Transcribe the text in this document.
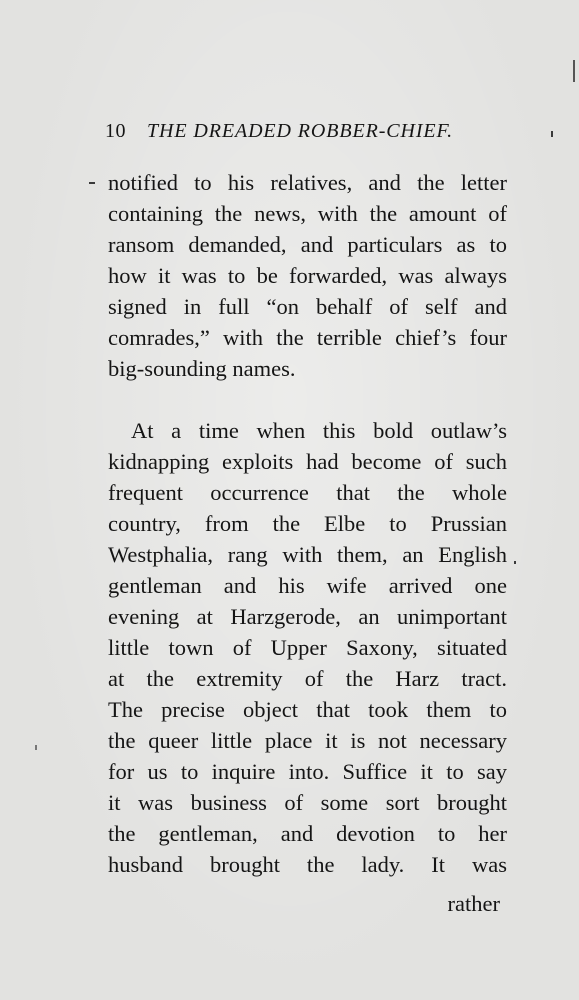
10 THE DREADED ROBBER-CHIEF.
notified to his relatives, and the letter
containing the news, with the amount of
ransom demanded, and particulars as to
how it was to be forwarded, was always
signed in full “on behalf of self and
comrades,” with the terrible chief’s four
big-sounding names.
At a time when this bold outlaw’s
kidnapping exploits had become of such
frequent occurrence that the whole
country, from the Elbe to Prussian
Westphalia, rang with them, an English
gentleman and his wife arrived one
evening at Harzgerode, an unimportant
little town of Upper Saxony, situated
at the extremity of the Harz tract.
The precise object that took them to
the queer little place it is not necessary
for us to inquire into. Suffice it to say
it was business of some sort brought
the gentleman, and devotion to her
husband brought the lady. It was
rather
